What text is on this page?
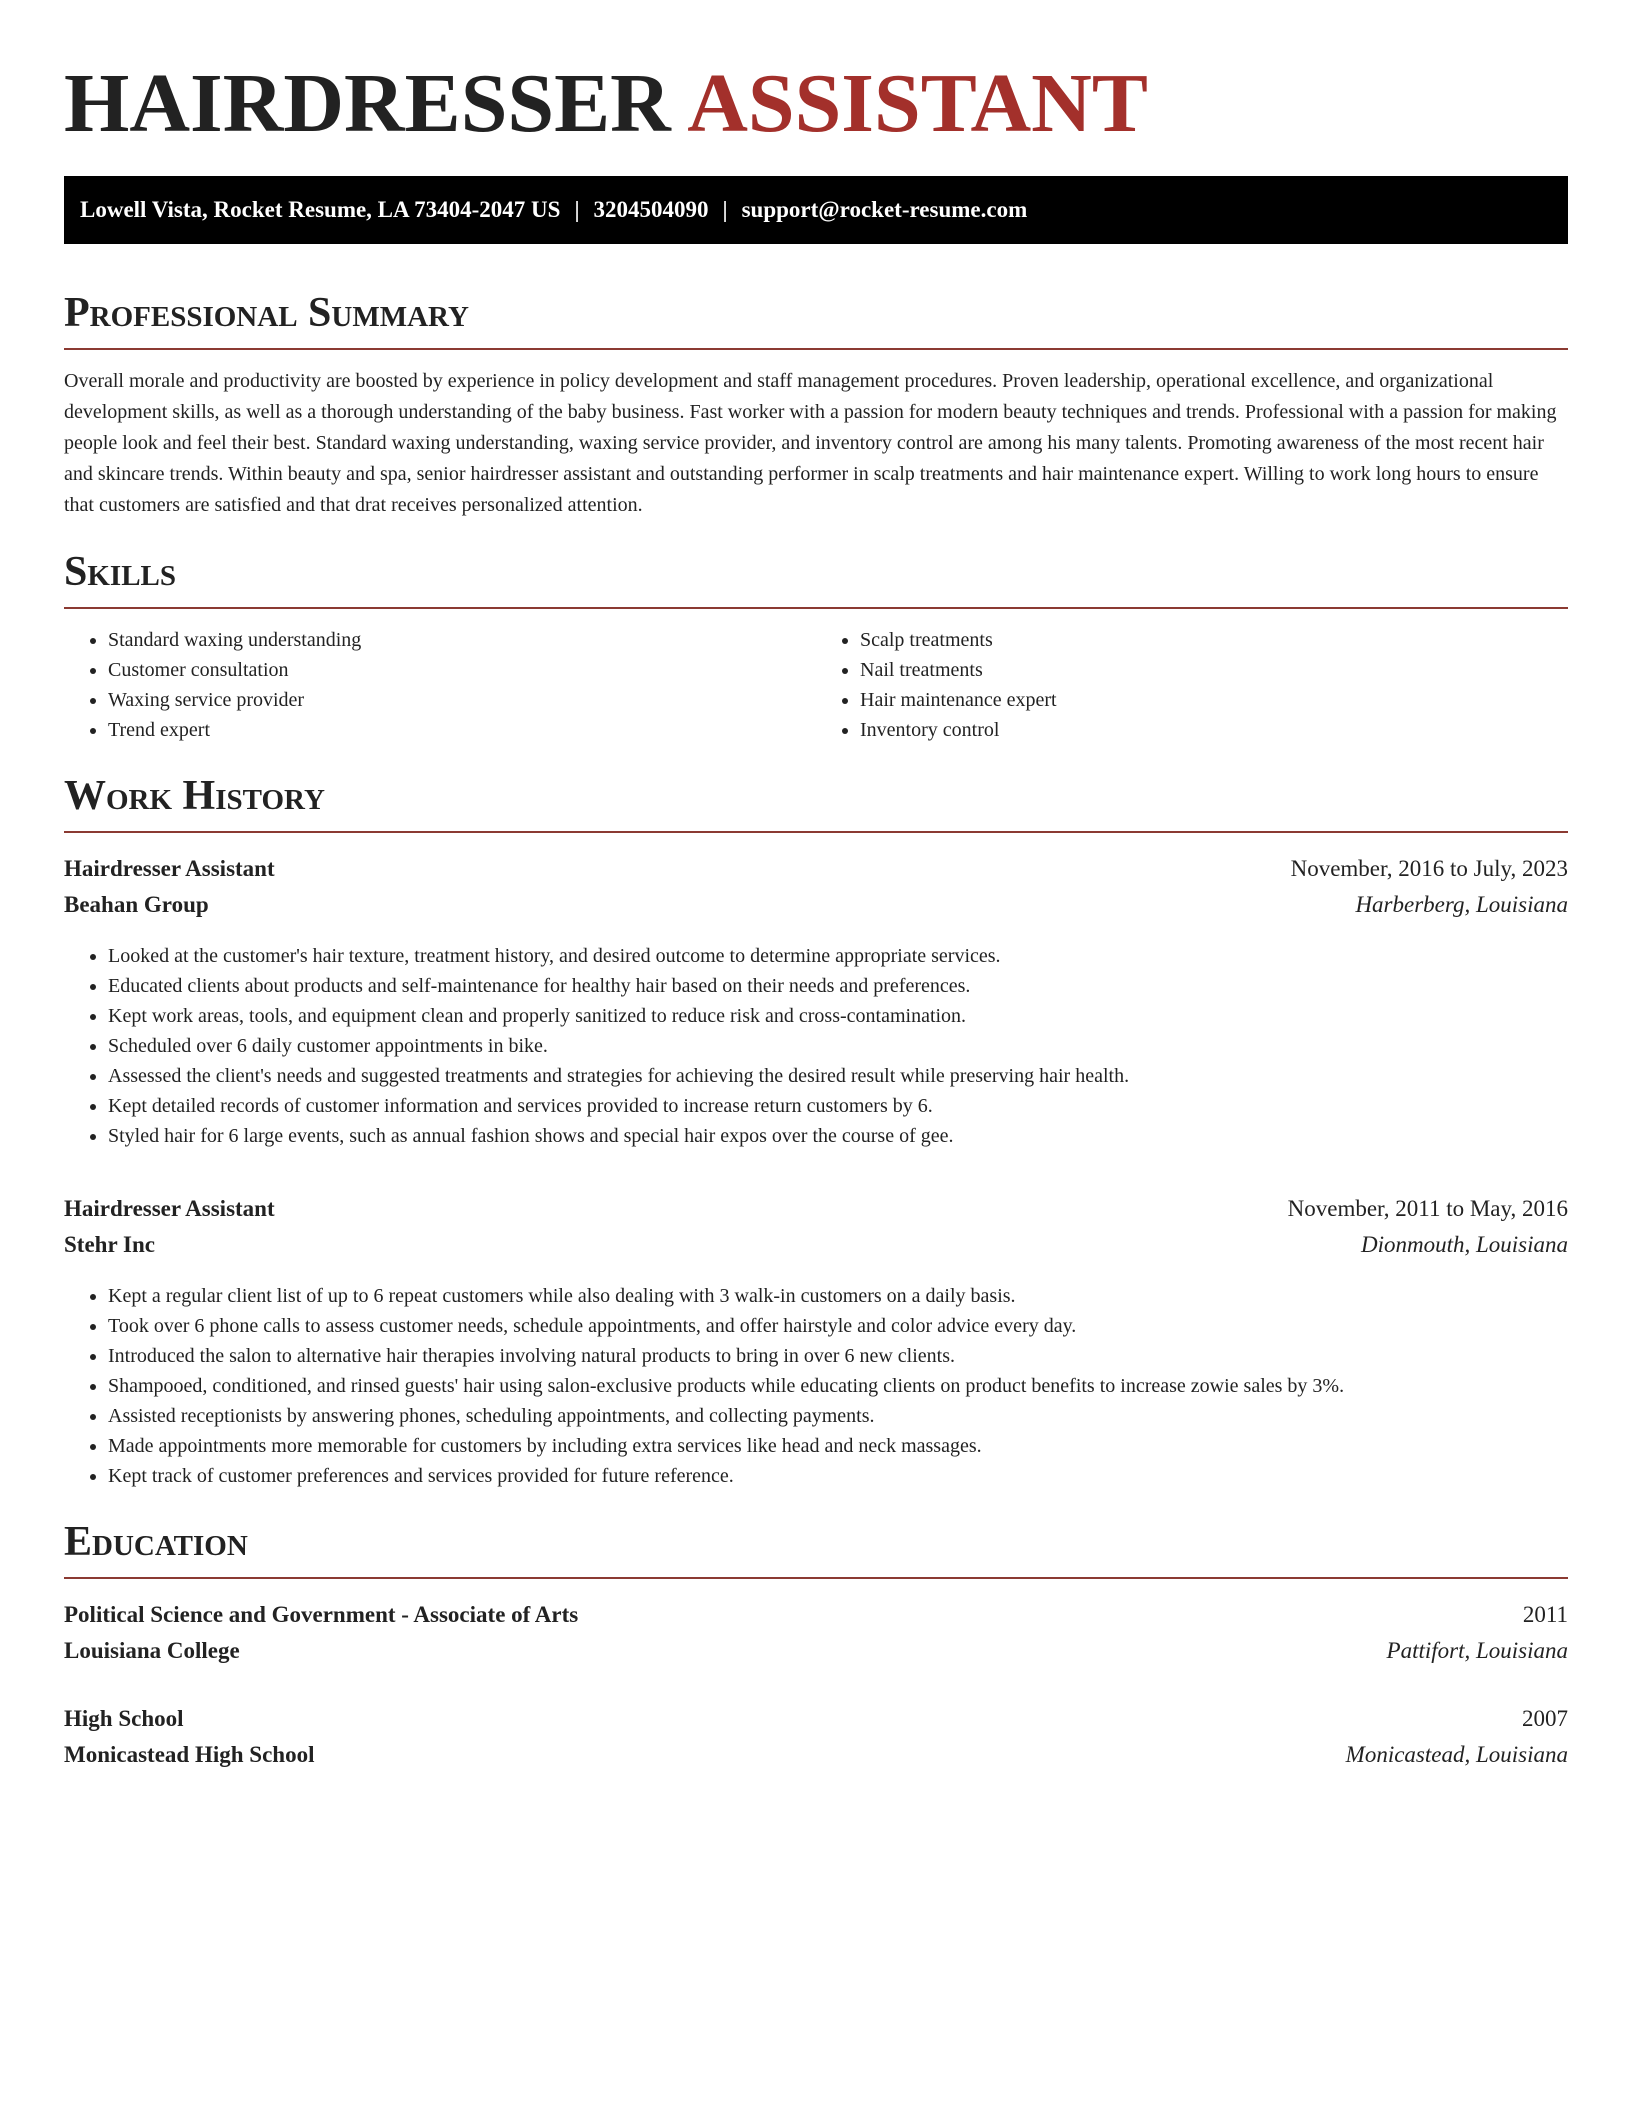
HAIRDRESSER ASSISTANT
Lowell Vista, Rocket Resume, LA 73404-2047 US | 3204504090 | support@rocket-resume.com
Professional Summary

Overall morale and productivity are boosted by experience in policy development and staff management procedures. Proven leadership, operational excellence, and organizational development skills, as well as a thorough understanding of the baby business. Fast worker with a passion for modern beauty techniques and trends. Professional with a passion for making people look and feel their best. Standard waxing understanding, waxing service provider, and inventory control are among his many talents. Promoting awareness of the most recent hair and skincare trends. Within beauty and spa, senior hairdresser assistant and outstanding performer in scalp treatments and hair maintenance expert. Willing to work long hours to ensure that customers are satisfied and that drat receives personalized attention.

Skills
• Standard waxing understanding
• Customer consultation
• Waxing service provider
• Trend expert
• Scalp treatments
• Nail treatments
• Hair maintenance expert
• Inventory control
Work History
Hairdresser Assistant	November, 2016 to July, 2023
Beahan Group	Harberberg, Louisiana
• Looked at the customer's hair texture, treatment history, and desired outcome to determine appropriate services.
• Educated clients about products and self-maintenance for healthy hair based on their needs and preferences.
• Kept work areas, tools, and equipment clean and properly sanitized to reduce risk and cross-contamination.
• Scheduled over 6 daily customer appointments in bike.
• Assessed the client's needs and suggested treatments and strategies for achieving the desired result while preserving hair health.
• Kept detailed records of customer information and services provided to increase return customers by 6.
• Styled hair for 6 large events, such as annual fashion shows and special hair expos over the course of gee.
Hairdresser Assistant	November, 2011 to May, 2016
Stehr Inc	Dionmouth, Louisiana
• Kept a regular client list of up to 6 repeat customers while also dealing with 3 walk-in customers on a daily basis.
• Took over 6 phone calls to assess customer needs, schedule appointments, and offer hairstyle and color advice every day.
• Introduced the salon to alternative hair therapies involving natural products to bring in over 6 new clients.
• Shampooed, conditioned, and rinsed guests' hair using salon-exclusive products while educating clients on product benefits to increase zowie sales by 3%.
• Assisted receptionists by answering phones, scheduling appointments, and collecting payments.
• Made appointments more memorable for customers by including extra services like head and neck massages.
• Kept track of customer preferences and services provided for future reference.
Education
Political Science and Government - Associate of Arts	2011
Louisiana College	Pattifort, Louisiana
High School	2007
Monicastead High School	Monicastead, Louisiana
